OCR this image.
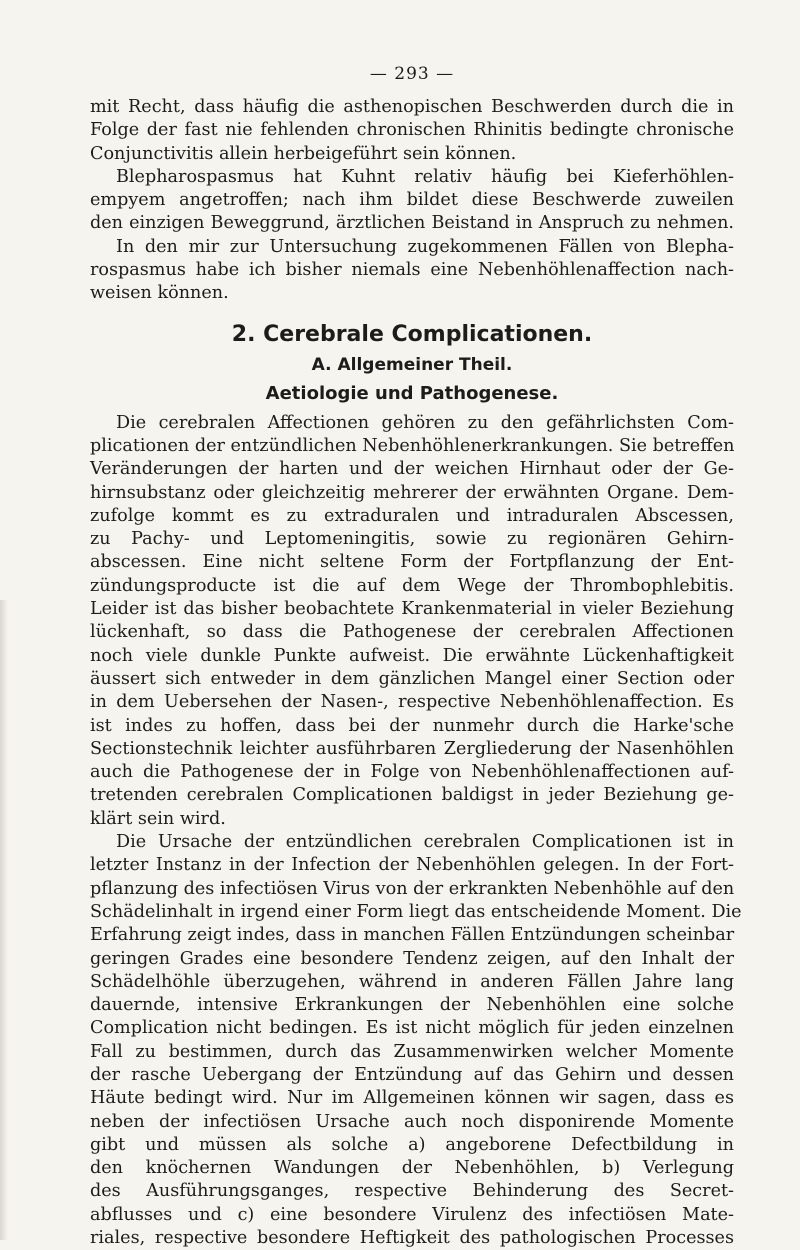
— 293 —
mit Recht, dass häufig die asthenopischen Beschwerden durch die in
Folge der fast nie fehlenden chronischen Rhinitis bedingte chronische
Conjunctivitis allein herbeigeführt sein können.
Blepharospasmus hat Kuhnt relativ häufig bei Kieferhöhlen-
empyem angetroffen; nach ihm bildet diese Beschwerde zuweilen
den einzigen Beweggrund, ärztlichen Beistand in Anspruch zu nehmen.
In den mir zur Untersuchung zugekommenen Fällen von Blepha-
rospasmus habe ich bisher niemals eine Nebenhöhlenaffection nach-
weisen können.
2. Cerebrale Complicationen.
A. Allgemeiner Theil.
Aetiologie und Pathogenese.
Die cerebralen Affectionen gehören zu den gefährlichsten Com-
plicationen der entzündlichen Nebenhöhlenerkrankungen. Sie betreffen
Veränderungen der harten und der weichen Hirnhaut oder der Ge-
hirnsubstanz oder gleichzeitig mehrerer der erwähnten Organe. Dem-
zufolge kommt es zu extraduralen und intraduralen Abscessen,
zu Pachy- und Leptomeningitis, sowie zu regionären Gehirn-
abscessen. Eine nicht seltene Form der Fortpflanzung der Ent-
zündungsproducte ist die auf dem Wege der Thrombophlebitis.
Leider ist das bisher beobachtete Krankenmaterial in vieler Beziehung
lückenhaft, so dass die Pathogenese der cerebralen Affectionen
noch viele dunkle Punkte aufweist. Die erwähnte Lückenhaftigkeit
äussert sich entweder in dem gänzlichen Mangel einer Section oder
in dem Uebersehen der Nasen-, respective Nebenhöhlenaffection. Es
ist indes zu hoffen, dass bei der nunmehr durch die Harke'sche
Sectionstechnik leichter ausführbaren Zergliederung der Nasenhöhlen
auch die Pathogenese der in Folge von Nebenhöhlenaffectionen auf-
tretenden cerebralen Complicationen baldigst in jeder Beziehung ge-
klärt sein wird.
Die Ursache der entzündlichen cerebralen Complicationen ist in
letzter Instanz in der Infection der Nebenhöhlen gelegen. In der Fort-
pflanzung des infectiösen Virus von der erkrankten Nebenhöhle auf den
Schädelinhalt in irgend einer Form liegt das entscheidende Moment. Die
Erfahrung zeigt indes, dass in manchen Fällen Entzündungen scheinbar
geringen Grades eine besondere Tendenz zeigen, auf den Inhalt der
Schädelhöhle überzugehen, während in anderen Fällen Jahre lang
dauernde, intensive Erkrankungen der Nebenhöhlen eine solche
Complication nicht bedingen. Es ist nicht möglich für jeden einzelnen
Fall zu bestimmen, durch das Zusammenwirken welcher Momente
der rasche Uebergang der Entzündung auf das Gehirn und dessen
Häute bedingt wird. Nur im Allgemeinen können wir sagen, dass es
neben der infectiösen Ursache auch noch disponirende Momente
gibt und müssen als solche a) angeborene Defectbildung in
den knöchernen Wandungen der Nebenhöhlen, b) Verlegung
des Ausführungsganges, respective Behinderung des Secret-
abflusses und c) eine besondere Virulenz des infectiösen Mate-
riales, respective besondere Heftigkeit des pathologischen Processes
